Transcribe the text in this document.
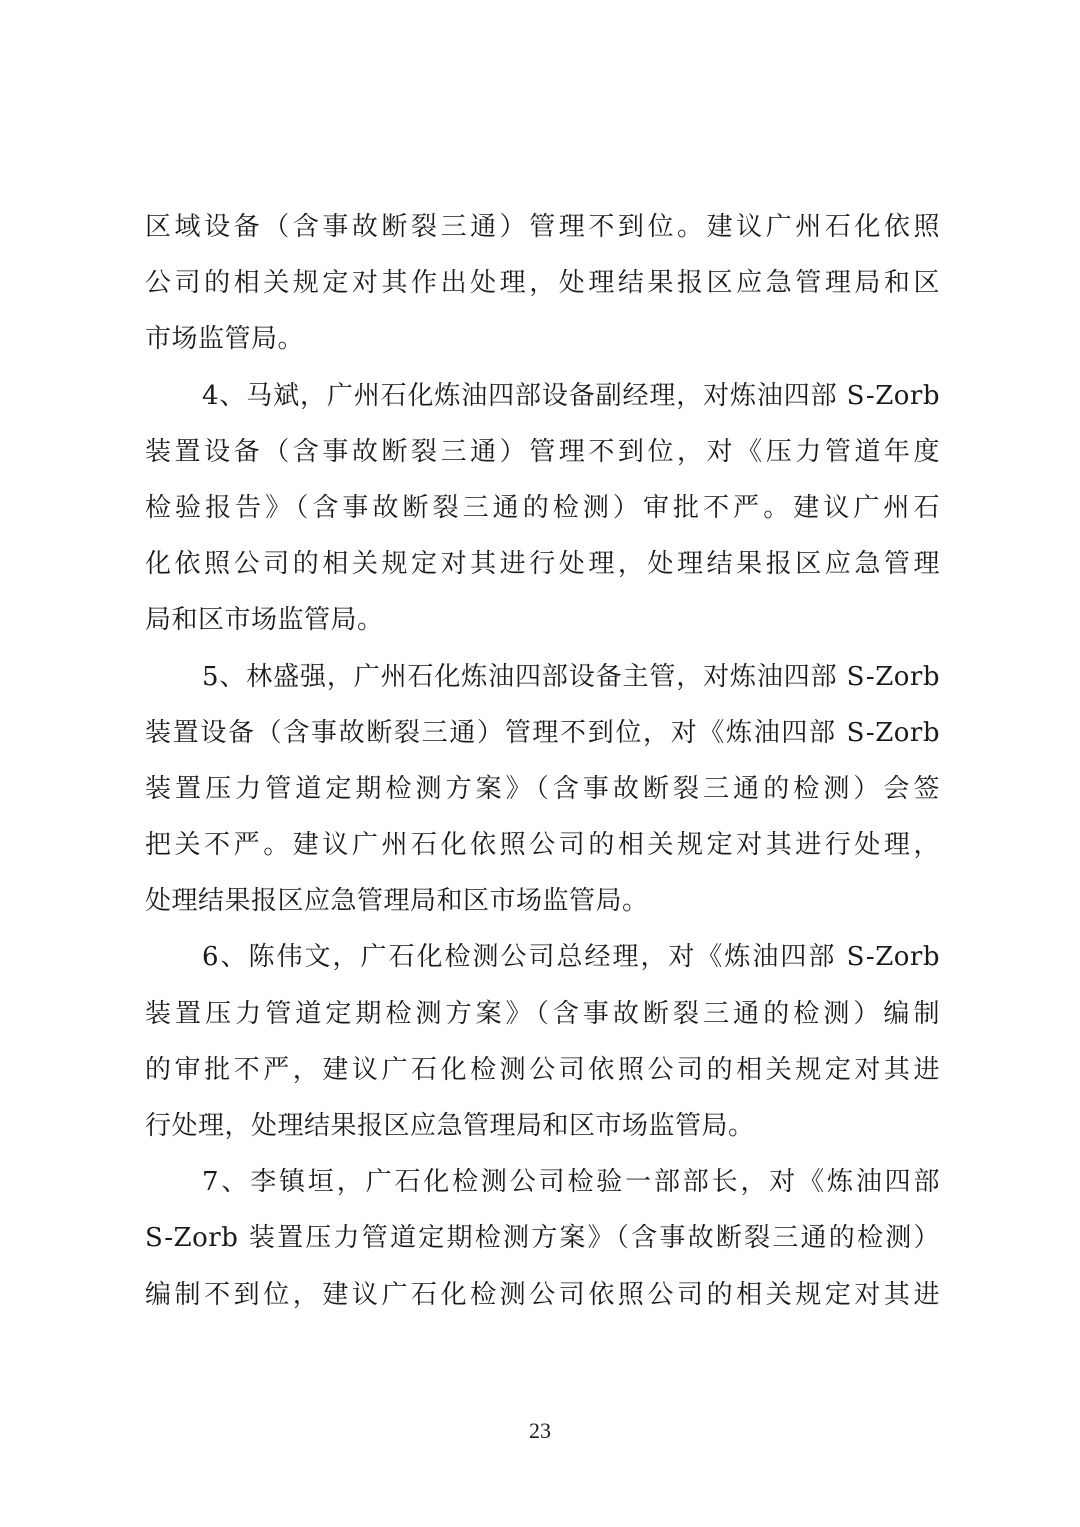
区域设备（含事故断裂三通）管理不到位。建议广州石化依照
公司的相关规定对其作出处理，处理结果报区应急管理局和区
市场监管局。
4、马斌，广州石化炼油四部设备副经理，对炼油四部 S-Zorb
装置设备（含事故断裂三通）管理不到位，对《压力管道年度
检验报告》（含事故断裂三通的检测）审批不严。建议广州石
化依照公司的相关规定对其进行处理，处理结果报区应急管理
局和区市场监管局。
5、林盛强，广州石化炼油四部设备主管，对炼油四部 S-Zorb
装置设备（含事故断裂三通）管理不到位，对《炼油四部 S-Zorb
装置压力管道定期检测方案》（含事故断裂三通的检测）会签
把关不严。建议广州石化依照公司的相关规定对其进行处理，
处理结果报区应急管理局和区市场监管局。
6、陈伟文，广石化检测公司总经理，对《炼油四部 S-Zorb
装置压力管道定期检测方案》（含事故断裂三通的检测）编制
的审批不严，建议广石化检测公司依照公司的相关规定对其进
行处理，处理结果报区应急管理局和区市场监管局。
7、李镇垣，广石化检测公司检验一部部长，对《炼油四部
S-Zorb 装置压力管道定期检测方案》（含事故断裂三通的检测）
编制不到位，建议广石化检测公司依照公司的相关规定对其进
23
